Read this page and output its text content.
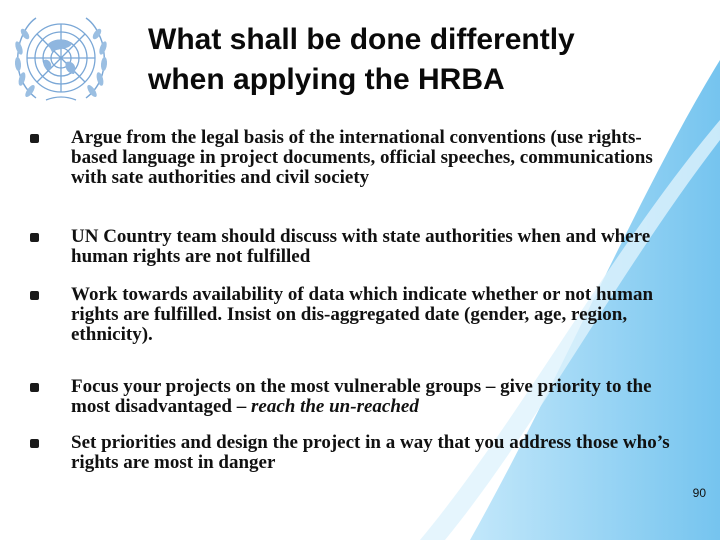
What shall be done differently
when applying the HRBA
Argue from the legal basis of the international conventions (use rights-based language in project documents, official speeches, communications with sate authorities and civil society
UN Country team should discuss with state authorities when and where human rights are not fulfilled
Work towards availability of data which indicate whether or not human rights are fulfilled. Insist on dis-aggregated date (gender, age, region, ethnicity).
Focus your projects on the most vulnerable groups – give priority to the most disadvantaged – reach the un-reached
Set priorities and design the project in a way that you address those who’s rights are most in danger
90
